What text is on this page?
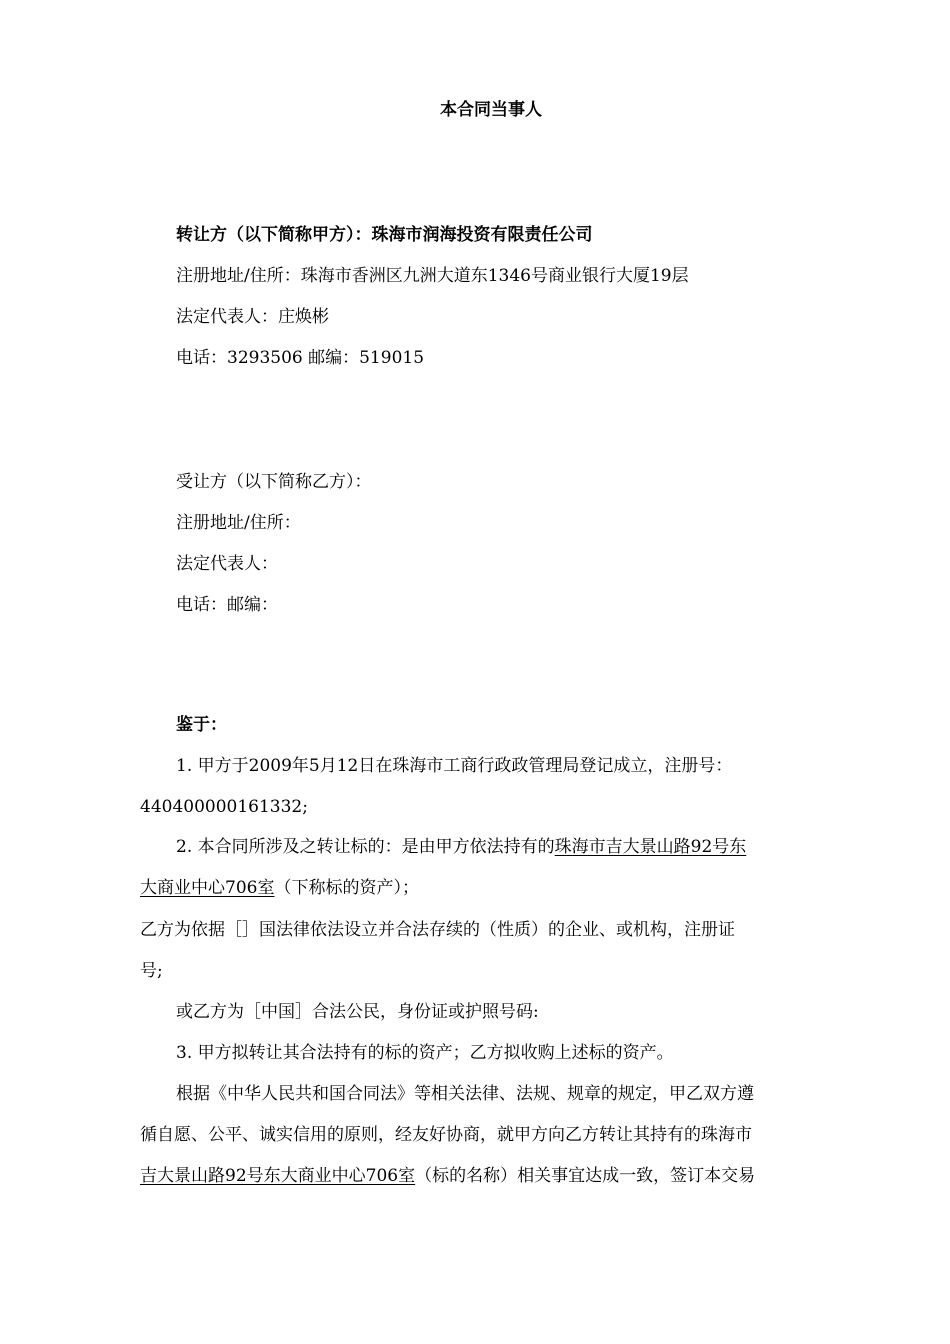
本合同当事人
转让方（以下简称甲方）：珠海市润海投资有限责任公司
注册地址/住所：珠海市香洲区九洲大道东1346号商业银行大厦19层
法定代表人：庄焕彬
电话：3293506 邮编：519015
受让方（以下简称乙方）：
注册地址/住所：
法定代表人：
电话：邮编：
鉴于：
1. 甲方于2009年5月12日在珠海市工商行政政管理局登记成立，注册号：
440400000161332;
2. 本合同所涉及之转让标的：是由甲方依法持有的珠海市吉大景山路92号东
大商业中心706室（下称标的资产）；
乙方为依据［］国法律依法设立并合法存续的（性质）的企业、或机构，注册证
号;
或乙方为［中国］合法公民，身份证或护照号码:
3. 甲方拟转让其合法持有的标的资产；乙方拟收购上述标的资产。
根据《中华人民共和国合同法》等相关法律、法规、规章的规定，甲乙双方遵
循自愿、公平、诚实信用的原则，经友好协商，就甲方向乙方转让其持有的珠海市
吉大景山路92号东大商业中心706室（标的名称）相关事宜达成一致，签订本交易
